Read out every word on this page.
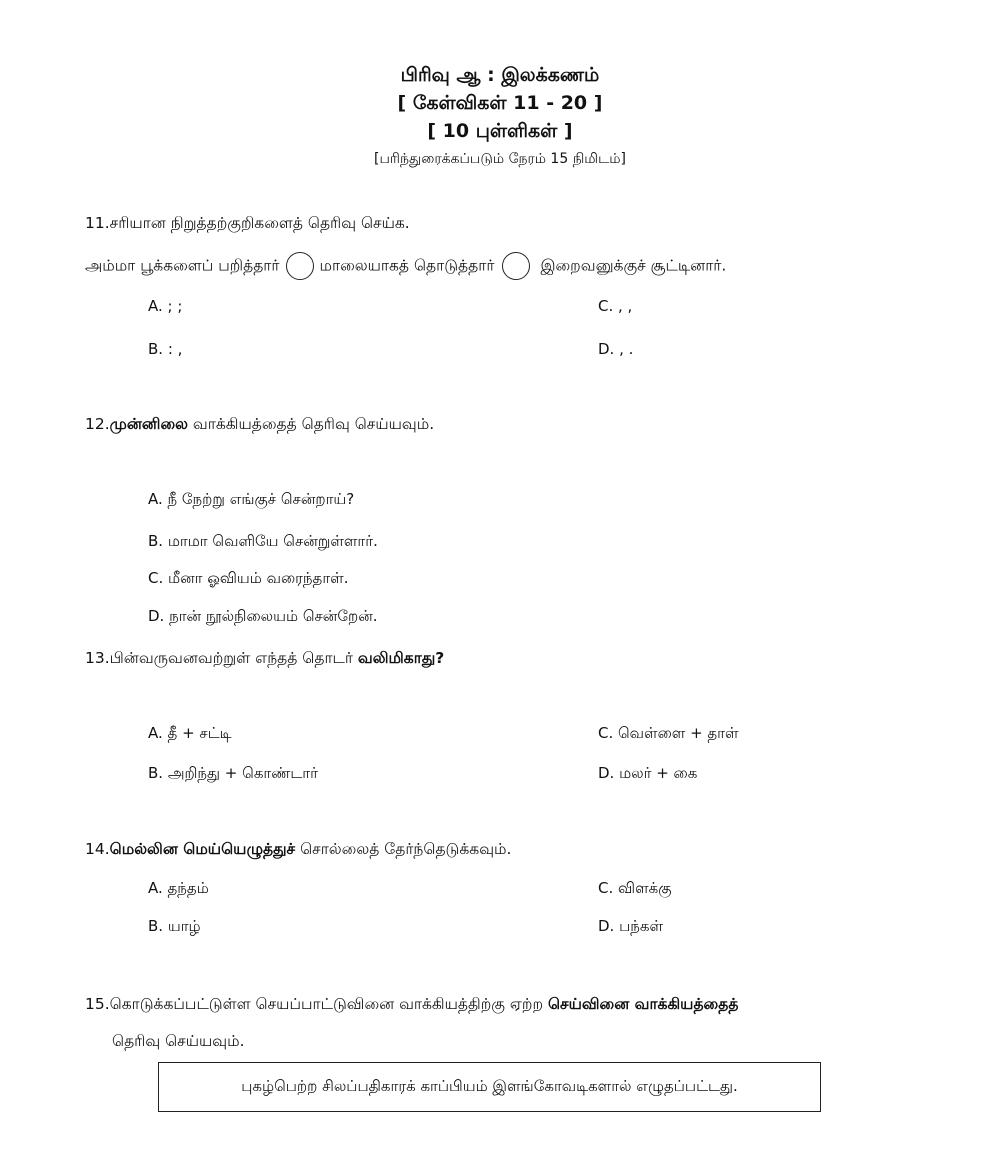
பிரிவு ஆ : இலக்கணம்
[ கேள்விகள் 11 - 20 ]
[ 10 புள்ளிகள் ]
[பரிந்துரைக்கப்படும் நேரம் 15 நிமிடம்]
11.சரியான நிறுத்தற்குறிகளைத் தெரிவு செய்க.
அம்மா பூக்களைப் பறித்தார்	மாலையாகத் தொடுத்தார்	இறைவனுக்குச் சூட்டினார்.
A. ; ;
B. : ,
C. , ,
D. , .
12.முன்னிலை வாக்கியத்தைத் தெரிவு செய்யவும்.
A. நீ நேற்று எங்குச் சென்றாய்?
B. மாமா வெளியே சென்றுள்ளார்.
C. மீனா ஓவியம் வரைந்தாள்.
D. நான் நூல்நிலையம் சென்றேன்.
13.பின்வருவனவற்றுள் எந்தத் தொடர் வலிமிகாது?
A. தீ + சட்டி
B. அறிந்து + கொண்டார்
C. வெள்ளை + தாள்
D. மலர் + கை
14.மெல்லின மெய்யெழுத்துச் சொல்லைத் தேர்ந்தெடுக்கவும்.
A. தந்தம்
B. யாழ்
C. விளக்கு
D. பந்கள்
15.கொடுக்கப்பட்டுள்ள செயப்பாட்டுவினை வாக்கியத்திற்கு ஏற்ற செய்வினை வாக்கியத்தைத்
தெரிவு செய்யவும்.
புகழ்பெற்ற சிலப்பதிகாரக் காப்பியம் இளங்கோவடிகளால் எழுதப்பட்டது.
